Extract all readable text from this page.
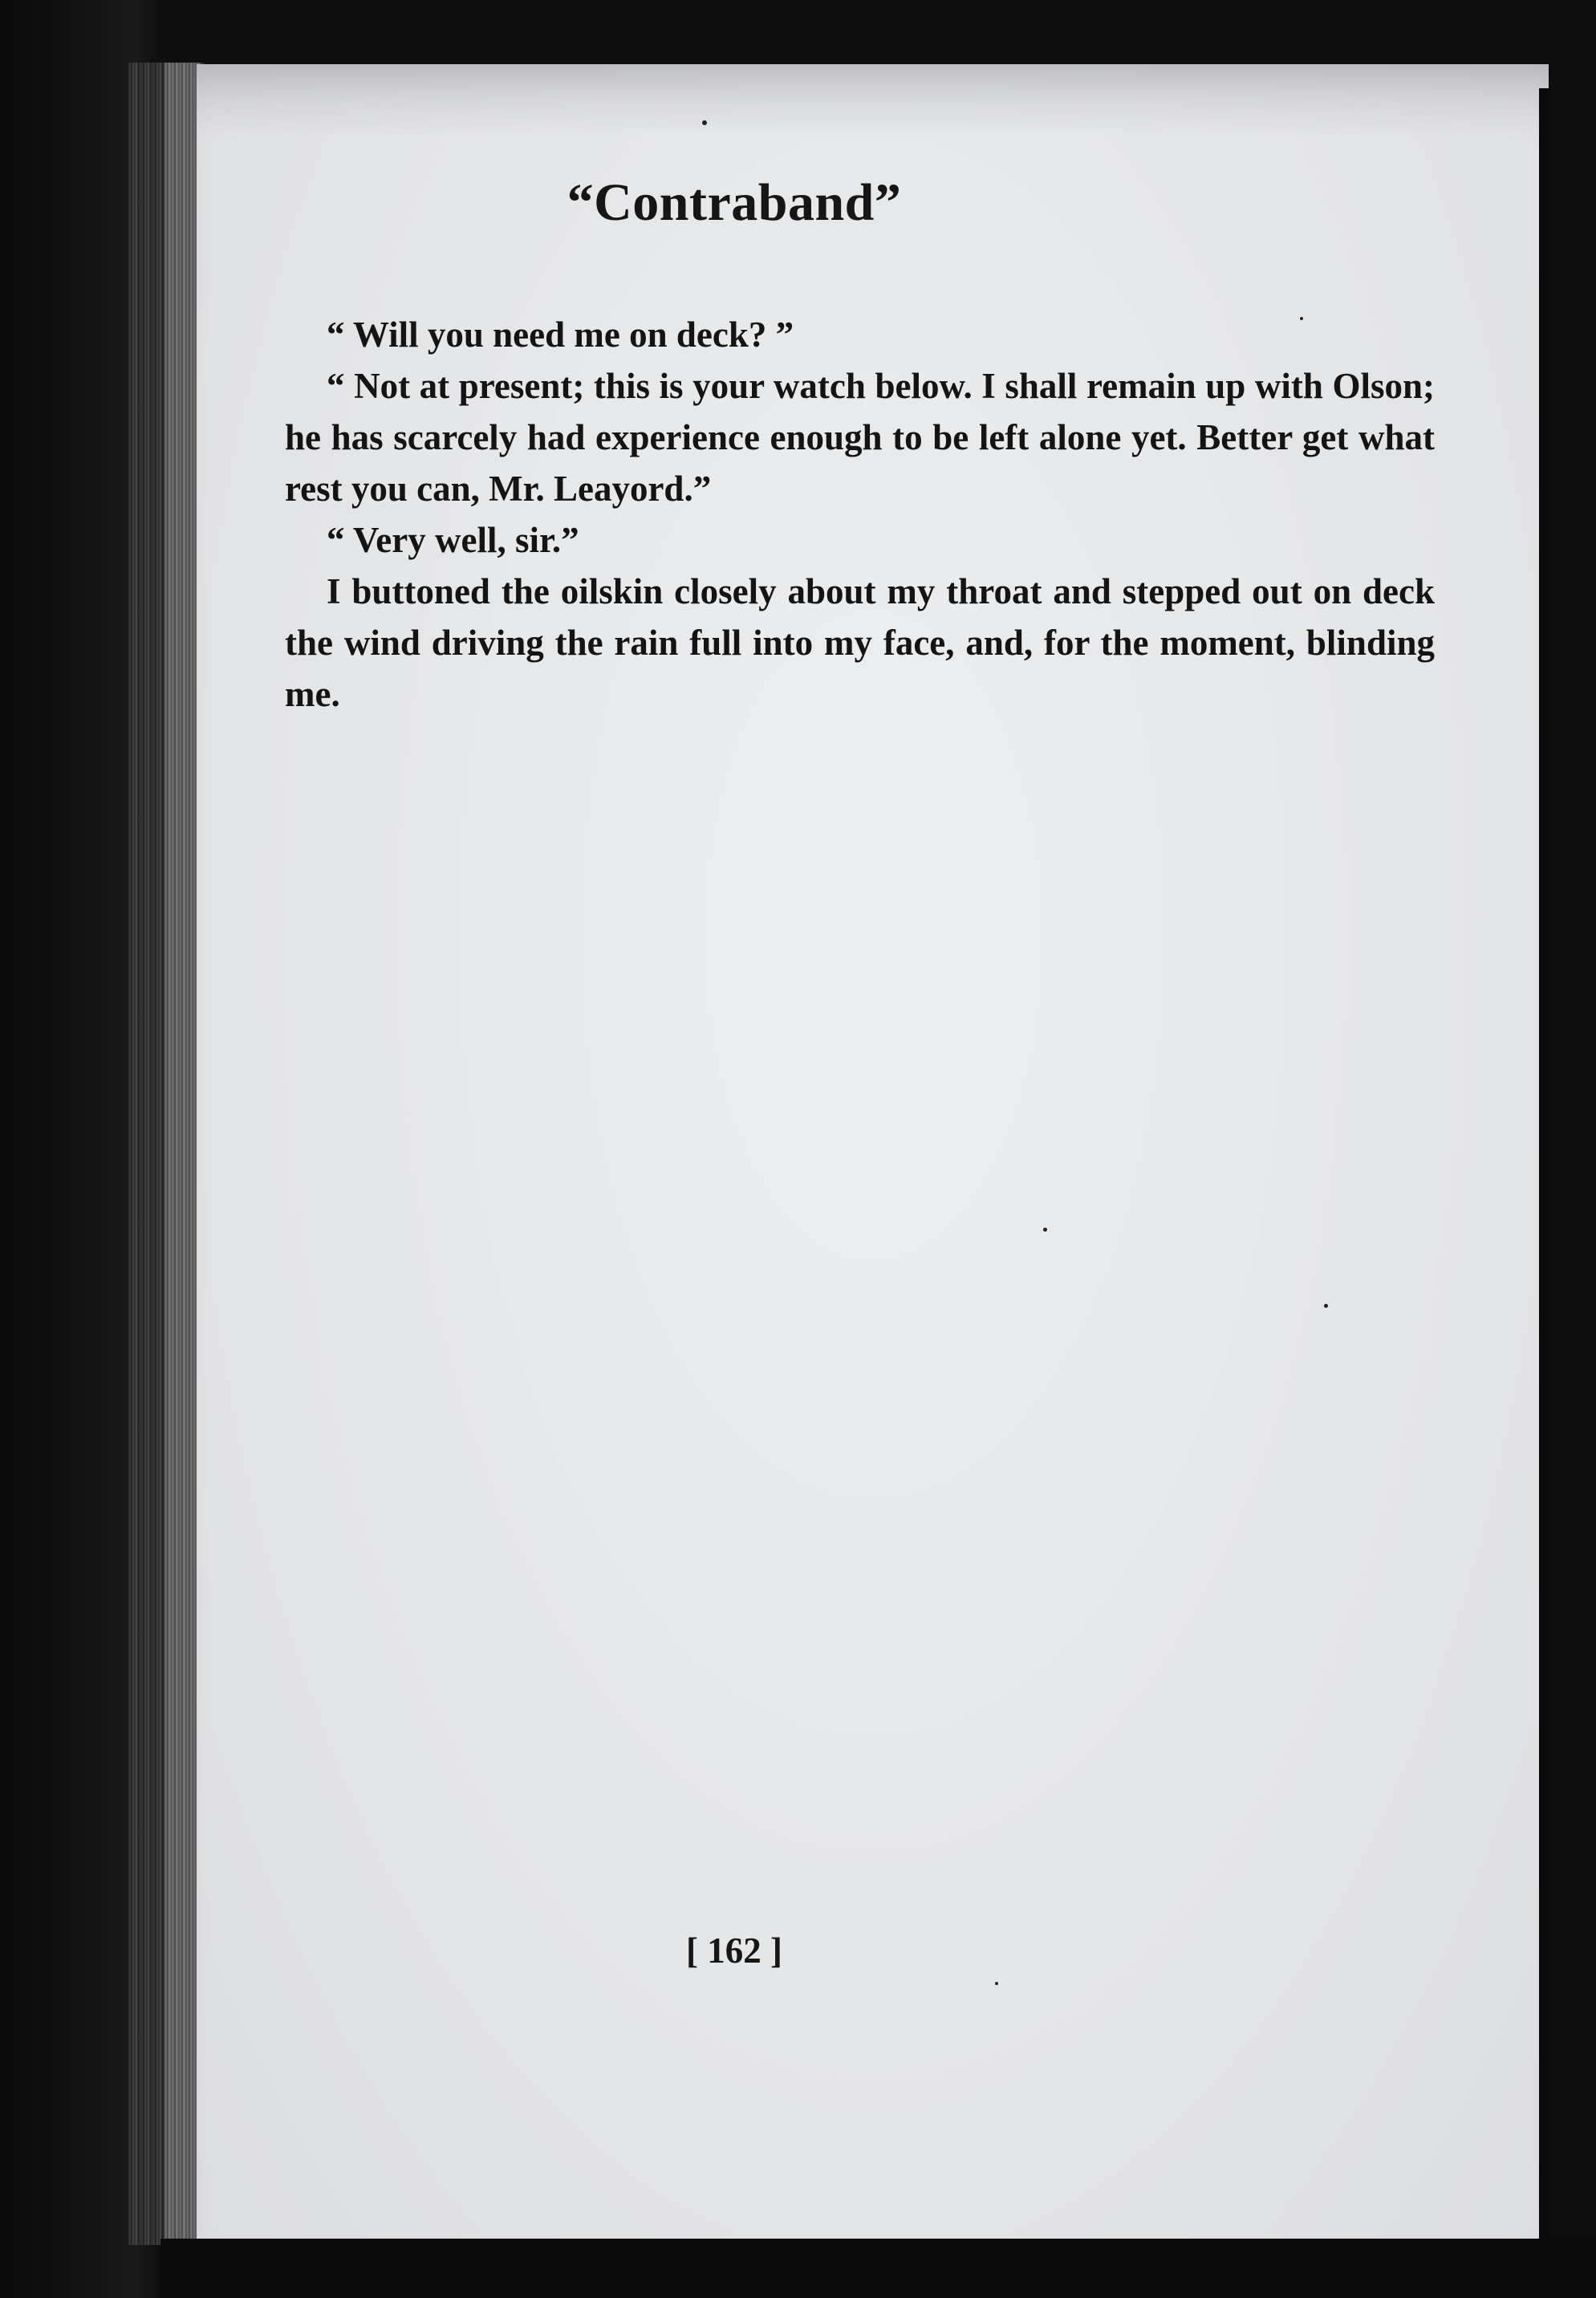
“Contraband”

“ Will you need me on deck? ”

“ Not at present; this is your watch below. I shall remain up with Olson; he has scarcely had experience enough to be left alone yet. Better get what rest you can, Mr. Leayord.”

“ Very well, sir.”

I buttoned the oilskin closely about my throat and stepped out on deck the wind driving the rain full into my face, and, for the moment, blinding me.

[ 162 ]
